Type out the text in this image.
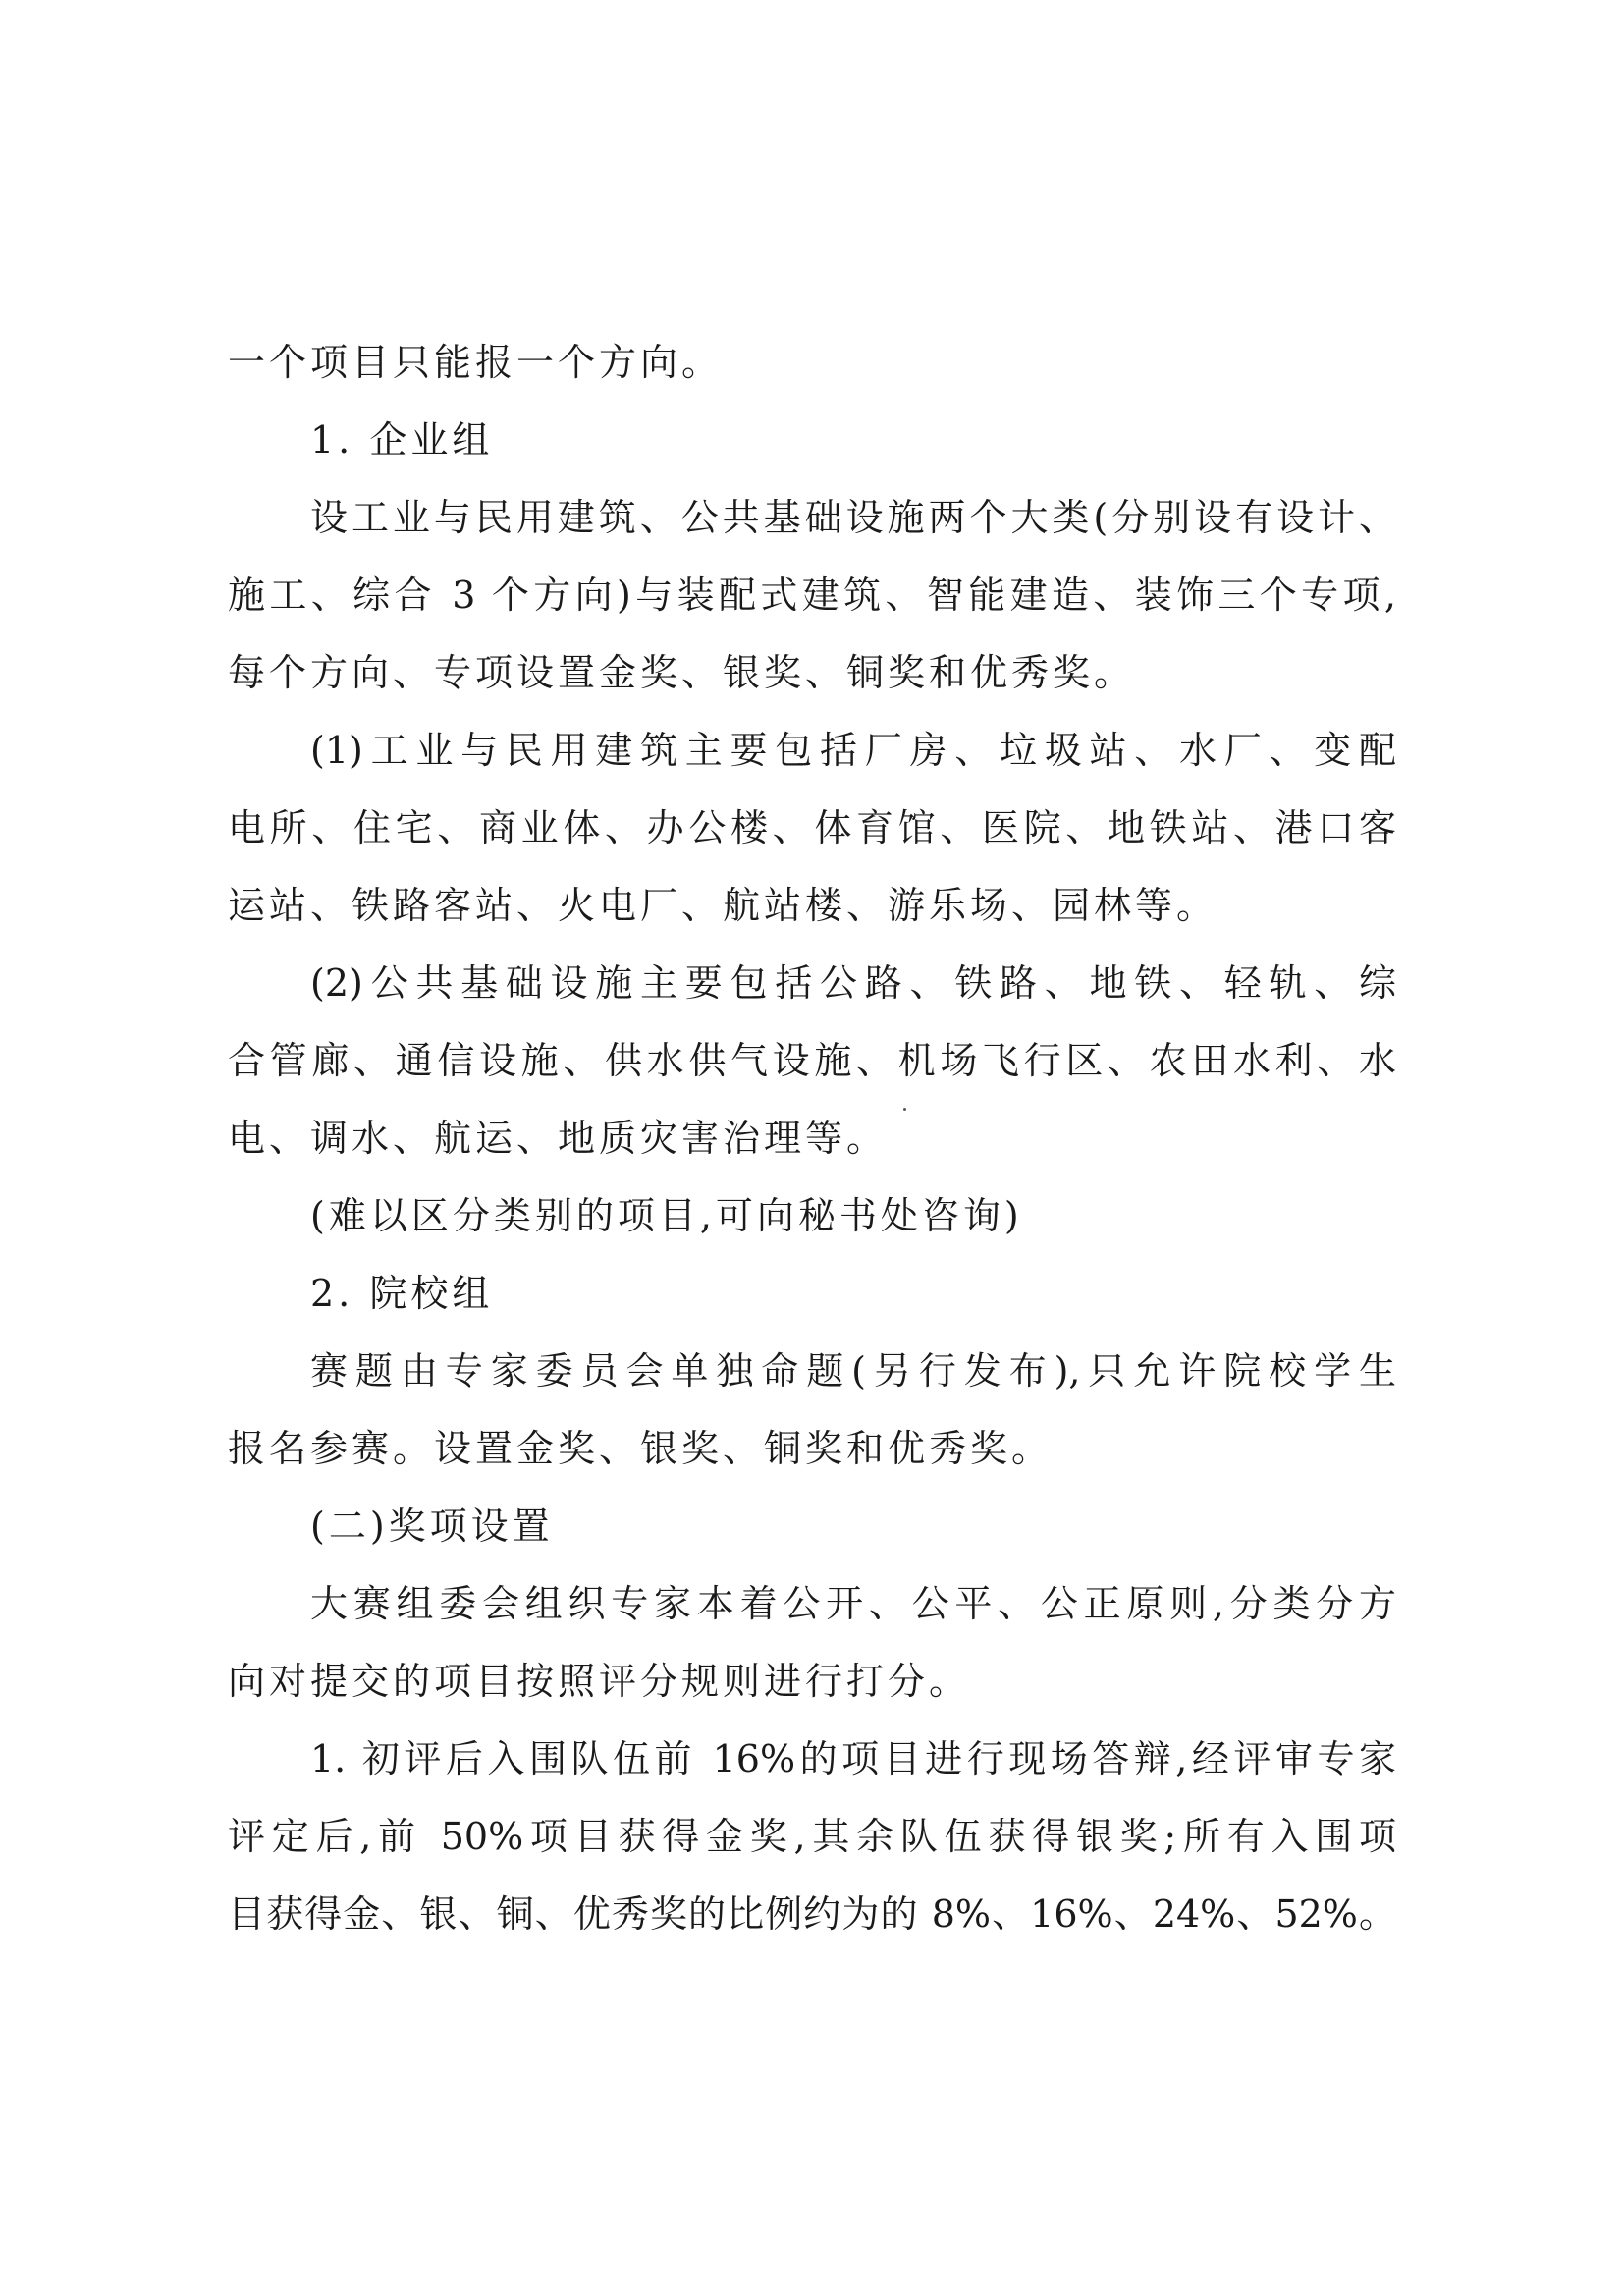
一个项目只能报一个方向。
1. 企业组
设工业与民用建筑、公共基础设施两个大类(分别设有设计、
施工、综合 3 个方向)与装配式建筑、智能建造、装饰三个专项,
每个方向、专项设置金奖、银奖、铜奖和优秀奖。
(1)工业与民用建筑主要包括厂房、垃圾站、水厂、变配
电所、住宅、商业体、办公楼、体育馆、医院、地铁站、港口客
运站、铁路客站、火电厂、航站楼、游乐场、园林等。
(2)公共基础设施主要包括公路、铁路、地铁、轻轨、综
合管廊、通信设施、供水供气设施、机场飞行区、农田水利、水
电、调水、航运、地质灾害治理等。
(难以区分类别的项目,可向秘书处咨询)
2. 院校组
赛题由专家委员会单独命题(另行发布),只允许院校学生
报名参赛。设置金奖、银奖、铜奖和优秀奖。
(二)奖项设置
大赛组委会组织专家本着公开、公平、公正原则,分类分方
向对提交的项目按照评分规则进行打分。
1. 初评后入围队伍前 16%的项目进行现场答辩,经评审专家
评定后,前 50%项目获得金奖,其余队伍获得银奖;所有入围项
目获得金、银、铜、优秀奖的比例约为的 8%、16%、24%、52%。
